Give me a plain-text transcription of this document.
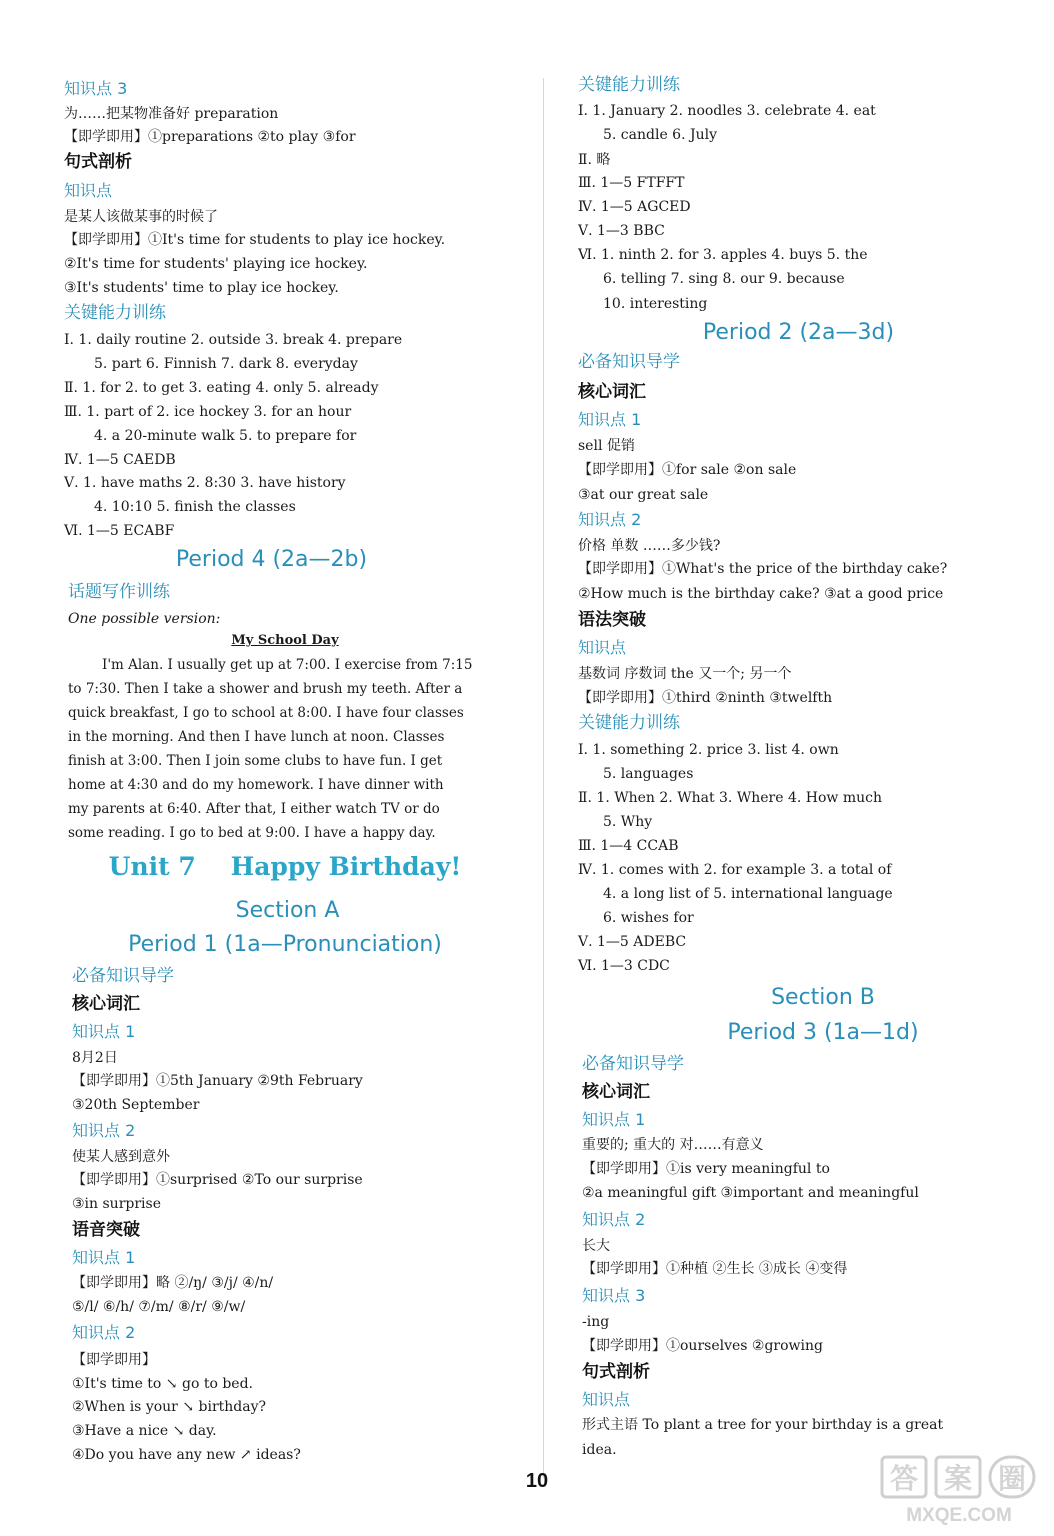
知识点 3
为……把某物准备好 preparation
【即学即用】①preparations ②to play ③for
句式剖析
知识点
是某人该做某事的时候了
【即学即用】①It's time for students to play ice hockey.
②It's time for students' playing ice hockey.
③It's students' time to play ice hockey.
关键能力训练
Ⅰ. 1. daily routine 2. outside 3. break 4. prepare
5. part 6. Finnish 7. dark 8. everyday
Ⅱ. 1. for 2. to get 3. eating 4. only 5. already
Ⅲ. 1. part of 2. ice hockey 3. for an hour
4. a 20-minute walk 5. to prepare for
Ⅳ. 1—5 CAEDB
Ⅴ. 1. have maths 2. 8:30 3. have history
4. 10:10 5. finish the classes
Ⅵ. 1—5 ECABF
Period 4 (2a—2b)
话题写作训练
One possible version:
My School Day
I'm Alan. I usually get up at 7:00. I exercise from 7:15
to 7:30. Then I take a shower and brush my teeth. After a
quick breakfast, I go to school at 8:00. I have four classes
in the morning. And then I have lunch at noon. Classes
finish at 3:00. Then I join some clubs to have fun. I get
home at 4:30 and do my homework. I have dinner with
my parents at 6:40. After that, I either watch TV or do
some reading. I go to bed at 9:00. I have a happy day.
Unit 7    Happy Birthday!
Section A
Period 1 (1a—Pronunciation)
必备知识导学
核心词汇
知识点 1
8月2日
【即学即用】①5th January ②9th February
③20th September
知识点 2
使某人感到意外
【即学即用】①surprised ②To our surprise
③in surprise
语音突破
知识点 1
【即学即用】略 ②/ŋ/ ③/j/ ④/n/
⑤/l/ ⑥/h/ ⑦/m/ ⑧/r/ ⑨/w/
知识点 2
【即学即用】
①It's time to ↘ go to bed.
②When is your ↘ birthday?
③Have a nice ↘ day.
④Do you have any new ↗ ideas?
关键能力训练
Ⅰ. 1. January 2. noodles 3. celebrate 4. eat
5. candle 6. July
Ⅱ. 略
Ⅲ. 1—5 FTFFT
Ⅳ. 1—5 AGCED
Ⅴ. 1—3 BBC
Ⅵ. 1. ninth 2. for 3. apples 4. buys 5. the
6. telling 7. sing 8. our 9. because
10. interesting
Period 2 (2a—3d)
必备知识导学
核心词汇
知识点 1
sell 促销
【即学即用】①for sale ②on sale
③at our great sale
知识点 2
价格 单数 ……多少钱?
【即学即用】①What's the price of the birthday cake?
②How much is the birthday cake? ③at a good price
语法突破
知识点
基数词 序数词 the 又一个; 另一个
【即学即用】①third ②ninth ③twelfth
关键能力训练
Ⅰ. 1. something 2. price 3. list 4. own
5. languages
Ⅱ. 1. When 2. What 3. Where 4. How much
5. Why
Ⅲ. 1—4 CCAB
Ⅳ. 1. comes with 2. for example 3. a total of
4. a long list of 5. international language
6. wishes for
Ⅴ. 1—5 ADEBC
Ⅵ. 1—3 CDC
Section B
Period 3 (1a—1d)
必备知识导学
核心词汇
知识点 1
重要的; 重大的 对……有意义
【即学即用】①is very meaningful to
②a meaningful gift ③important and meaningful
知识点 2
长大
【即学即用】①种植 ②生长 ③成长 ④变得
知识点 3
-ing
【即学即用】①ourselves ②growing
句式剖析
知识点
形式主语 To plant a tree for your birthday is a great
idea.
10	答 案 圈
MXQE.COM
